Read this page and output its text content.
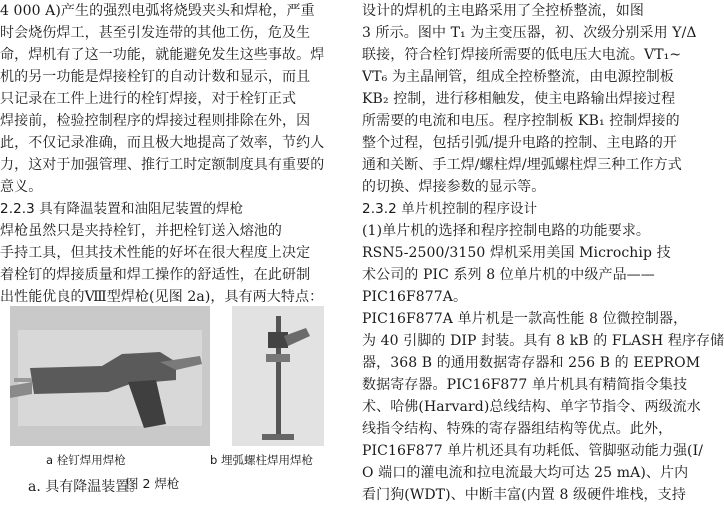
4 000 A)产生的强烈电弧将烧毁夹头和焊枪，严重
时会烧伤焊工，甚至引发连带的其他工伤，危及生
命，焊机有了这一功能，就能避免发生这些事故。焊
机的另一功能是焊接栓钉的自动计数和显示，而且
只记录在工件上进行的栓钉焊接，对于栓钉正式
焊接前，检验控制程序的焊接过程则排除在外，因
此，不仅记录准确，而且极大地提高了效率，节约人
力，这对于加强管理、推行工时定额制度具有重要的
意义。
2.2.3 具有降温装置和油阻尼装置的焊枪
焊枪虽然只是夹持栓钉，并把栓钉送入熔池的
手持工具，但其技术性能的好坏在很大程度上决定
着栓钉的焊接质量和焊工操作的舒适性，在此研制
出性能优良的Ⅷ型焊枪(见图 2a)，具有两大特点：
a 栓钉焊用焊枪	b 埋弧螺柱焊用焊枪
图 2 焊枪
a. 具有降温装置。
设计的焊机的主电路采用了全控桥整流，如图
3 所示。图中 T₁ 为主变压器，初、次级分别采用 Y/Δ
联接，符合栓钉焊接所需要的低电压大电流。VT₁~
VT₆ 为主晶闸管，组成全控桥整流，由电源控制板
KB₂ 控制，进行移相触发，使主电路输出焊接过程
所需要的电流和电压。程序控制板 KB₁ 控制焊接的
整个过程，包括引弧/提升电路的控制、主电路的开
通和关断、手工焊/螺柱焊/埋弧螺柱焊三种工作方式
的切换、焊接参数的显示等。
2.3.2 单片机控制的程序设计
(1)单片机的选择和程序控制电路的功能要求。
RSN5-2500/3150 焊机采用美国 Microchip 技
术公司的 PIC 系列 8 位单片机的中级产品——
PIC16F877A。
PIC16F877A 单片机是一款高性能 8 位微控制器，
为 40 引脚的 DIP 封装。具有 8 kB 的 FLASH 程序存储
器，368 B 的通用数据寄存器和 256 B 的 EEPROM
数据寄存器。PIC16F877 单片机具有精简指令集技
术、哈佛(Harvard)总线结构、单字节指令、两级流水
线指令结构、特殊的寄存器组结构等优点。此外，
PIC16F877 单片机还具有功耗低、管脚驱动能力强(I/
O 端口的灌电流和拉电流最大均可达 25 mA)、片内
看门狗(WDT)、中断丰富(内置 8 级硬件堆栈，支持
